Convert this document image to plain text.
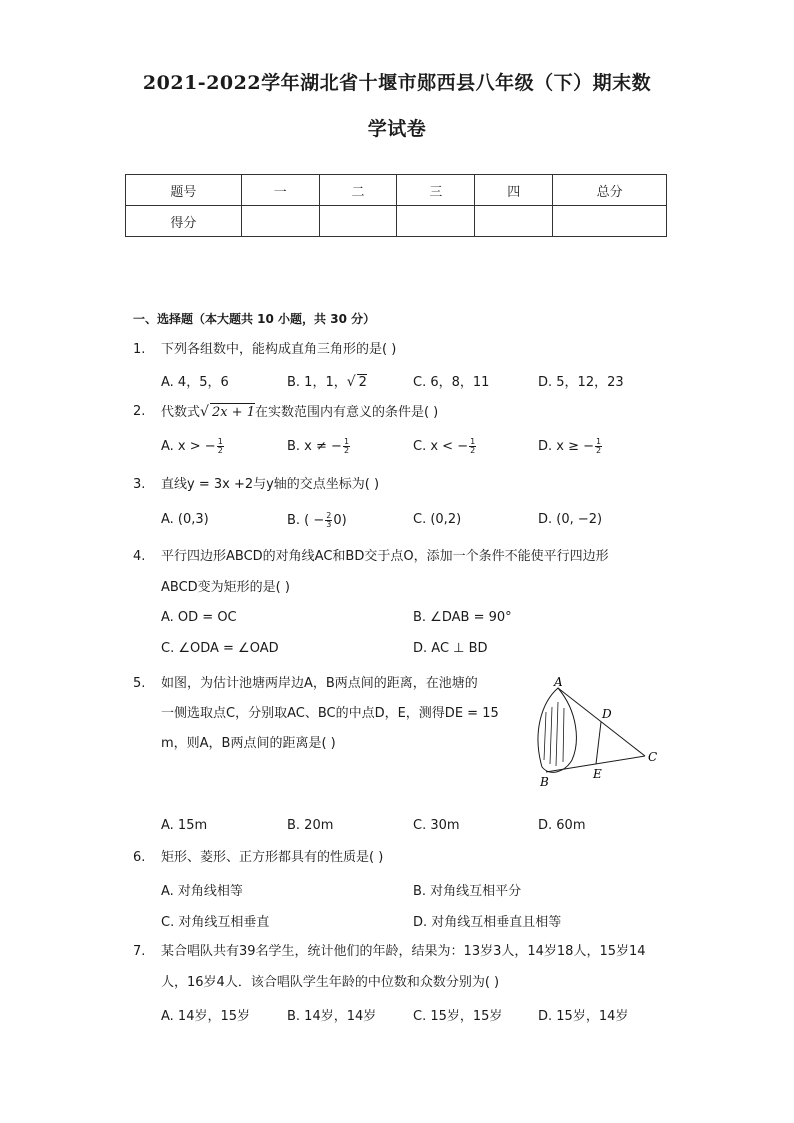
2021-2022学年湖北省十堰市郧西县八年级（下）期末数
学试卷
题号	一	二	三	四	总分
得分					
一、选择题（本大题共 10 小题，共 30 分）
1. 下列各组数中，能构成直角三角形的是( )
A. 4，5，6	B. 1，1，√ 2	C. 6，8，11	D. 5，12，23
2. 代数式√ 2x + 1在实数范围内有意义的条件是( )
A. x > − $\frac{1}{2}$	B. x ≠ − $\frac{1}{2}$	C. x < − $\frac{1}{2}$	D. x ≥ − $\frac{1}{2}$
3. 直线y = 3x +2与y轴的交点坐标为( )
A. (0,3)	B. ( − $\frac{2}{3} 0$)	C. (0,2)	D. (0, −2)
4. 平行四边形ABCD的对角线AC和BD交于点O，添加一个条件不能使平行四边形
ABCD变为矩形的是( )
A. OD = OC	B. ∠DAB = 90°
C. ∠ODA = ∠OAD	D. AC ⊥ BD
5. 如图，为估计池塘两岸边A，B两点间的距离，在池塘的
一侧选取点C，分别取AC、BC的中点D，E，测得DE = 15
m，则A，B两点间的距离是( )
A
B
C
D
E
A. 15m	B. 20m	C. 30m	D. 60m
6. 矩形、菱形、正方形都具有的性质是( )
A. 对角线相等	B. 对角线互相平分
C. 对角线互相垂直	D. 对角线互相垂直且相等
7. 某合唱队共有39名学生，统计他们的年龄，结果为：13岁3人，14岁18人，15岁14
人，16岁4人．该合唱队学生年龄的中位数和众数分别为( )
A. 14岁，15岁	B. 14岁，14岁	C. 15岁，15岁	D. 15岁，14岁
